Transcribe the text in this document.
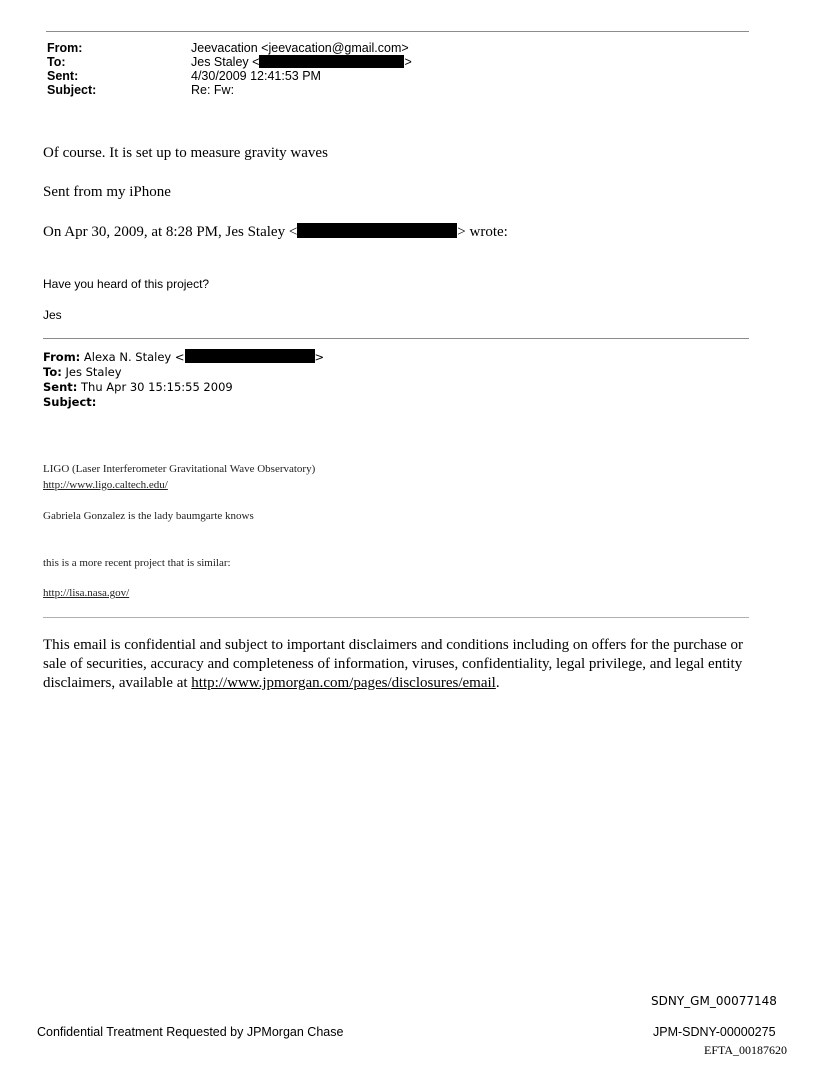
From:	Jeevacation <jeevacation@gmail.com>
To:	Jes Staley <	>
Sent:	4/30/2009 12:41:53 PM
Subject:	Re: Fw:
Of course. It is set up to measure gravity waves
Sent from my iPhone
On Apr 30, 2009, at 8:28 PM, Jes Staley <	> wrote:
Have you heard of this project?
Jes
From: Alexa N. Staley <	>
To: Jes Staley
Sent: Thu Apr 30 15:15:55 2009
Subject:
LIGO (Laser Interferometer Gravitational Wave Observatory)
http://www.ligo.caltech.edu/
Gabriela Gonzalez is the lady baumgarte knows
this is a more recent project that is similar:
http://lisa.nasa.gov/
This email is confidential and subject to important disclaimers and conditions including on offers for the purchase or sale of securities, accuracy and completeness of information, viruses, confidentiality, legal privilege, and legal entity disclaimers, available at http://www.jpmorgan.com/pages/disclosures/email.
SDNY_GM_00077148
Confidential Treatment Requested by JPMorgan Chase	JPM-SDNY-00000275
EFTA_00187620
